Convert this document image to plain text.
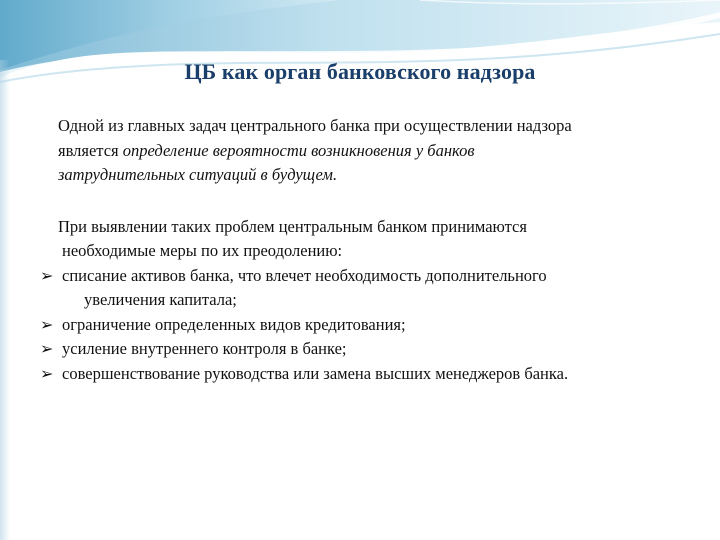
ЦБ как орган банковского надзора
Одной из главных задач центрального банка при осуществлении надзора
является определение вероятности возникновения у банков
затруднительных ситуаций в будущем.
При выявлении таких проблем центральным банком принимаются
необходимые меры по их преодолению:
➢ списание активов банка, что влечет необходимость дополнительного
увеличения капитала;
➢ ограничение определенных видов кредитования;
➢ усиление внутреннего контроля в банке;
➢ совершенствование руководства или замена высших менеджеров банка.
